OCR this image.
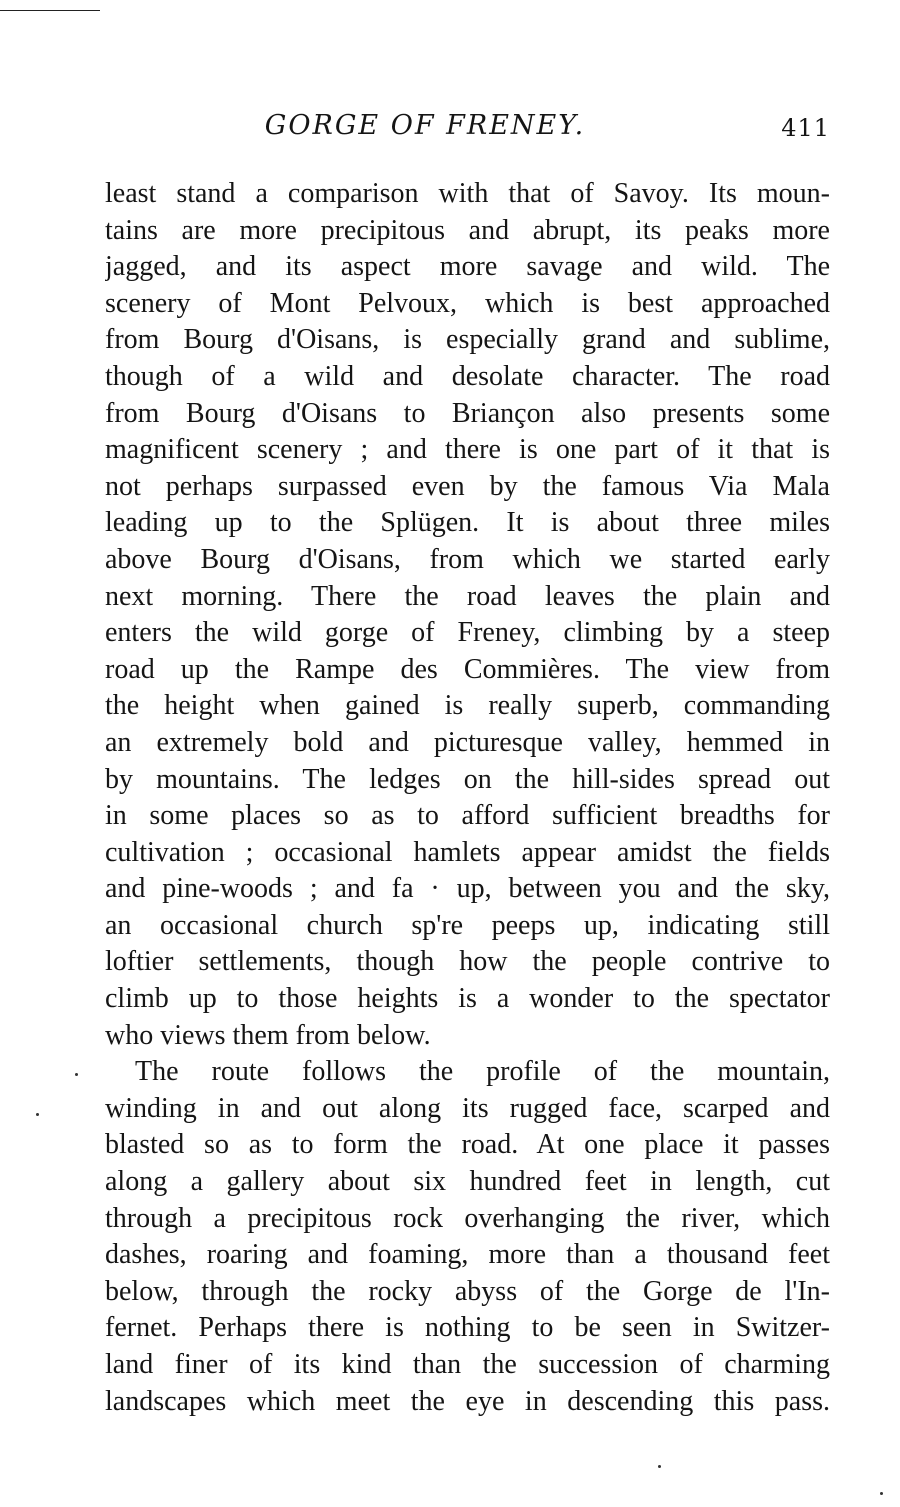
GORGE OF FRENEY.	411
least stand a comparison with that of Savoy. Its moun-
tains are more precipitous and abrupt, its peaks more
jagged, and its aspect more savage and wild. The
scenery of Mont Pelvoux, which is best approached
from Bourg d'Oisans, is especially grand and sublime,
though of a wild and desolate character. The road
from Bourg d'Oisans to Briançon also presents some
magnificent scenery ; and there is one part of it that is
not perhaps surpassed even by the famous Via Mala
leading up to the Splügen. It is about three miles
above Bourg d'Oisans, from which we started early
next morning. There the road leaves the plain and
enters the wild gorge of Freney, climbing by a steep
road up the Rampe des Commières. The view from
the height when gained is really superb, commanding
an extremely bold and picturesque valley, hemmed in
by mountains. The ledges on the hill-sides spread out
in some places so as to afford sufficient breadths for
cultivation ; occasional hamlets appear amidst the fields
and pine-woods ; and fa · up, between you and the sky,
an occasional church sp're peeps up, indicating still
loftier settlements, though how the people contrive to
climb up to those heights is a wonder to the spectator
who views them from below.
The route follows the profile of the mountain,
winding in and out along its rugged face, scarped and
blasted so as to form the road. At one place it passes
along a gallery about six hundred feet in length, cut
through a precipitous rock overhanging the river, which
dashes, roaring and foaming, more than a thousand feet
below, through the rocky abyss of the Gorge de l'In-
fernet. Perhaps there is nothing to be seen in Switzer-
land finer of its kind than the succession of charming
landscapes which meet the eye in descending this pass.
